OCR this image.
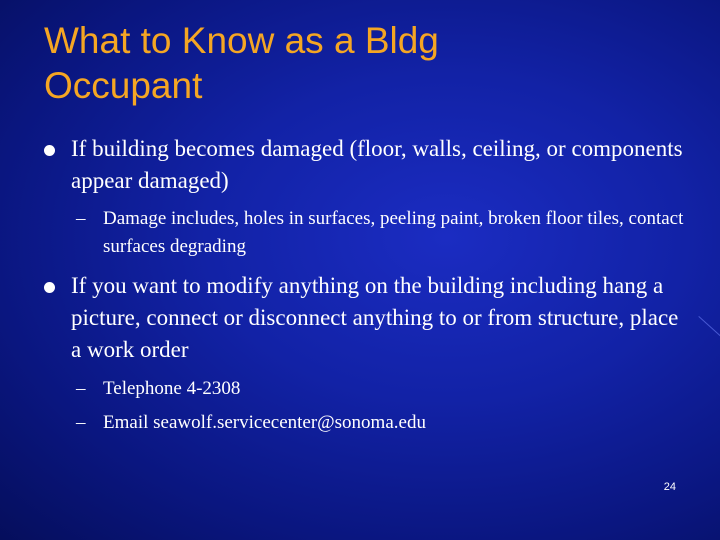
What to Know as a Bldg
Occupant
If building becomes damaged (floor, walls, ceiling, or components appear damaged)
– Damage includes, holes in surfaces, peeling paint, broken floor tiles, contact surfaces degrading
If you want to modify anything on the building including hang a picture, connect or disconnect anything to or from structure, place a work order
– Telephone 4-2308
– Email seawolf.servicecenter@sonoma.edu
24
